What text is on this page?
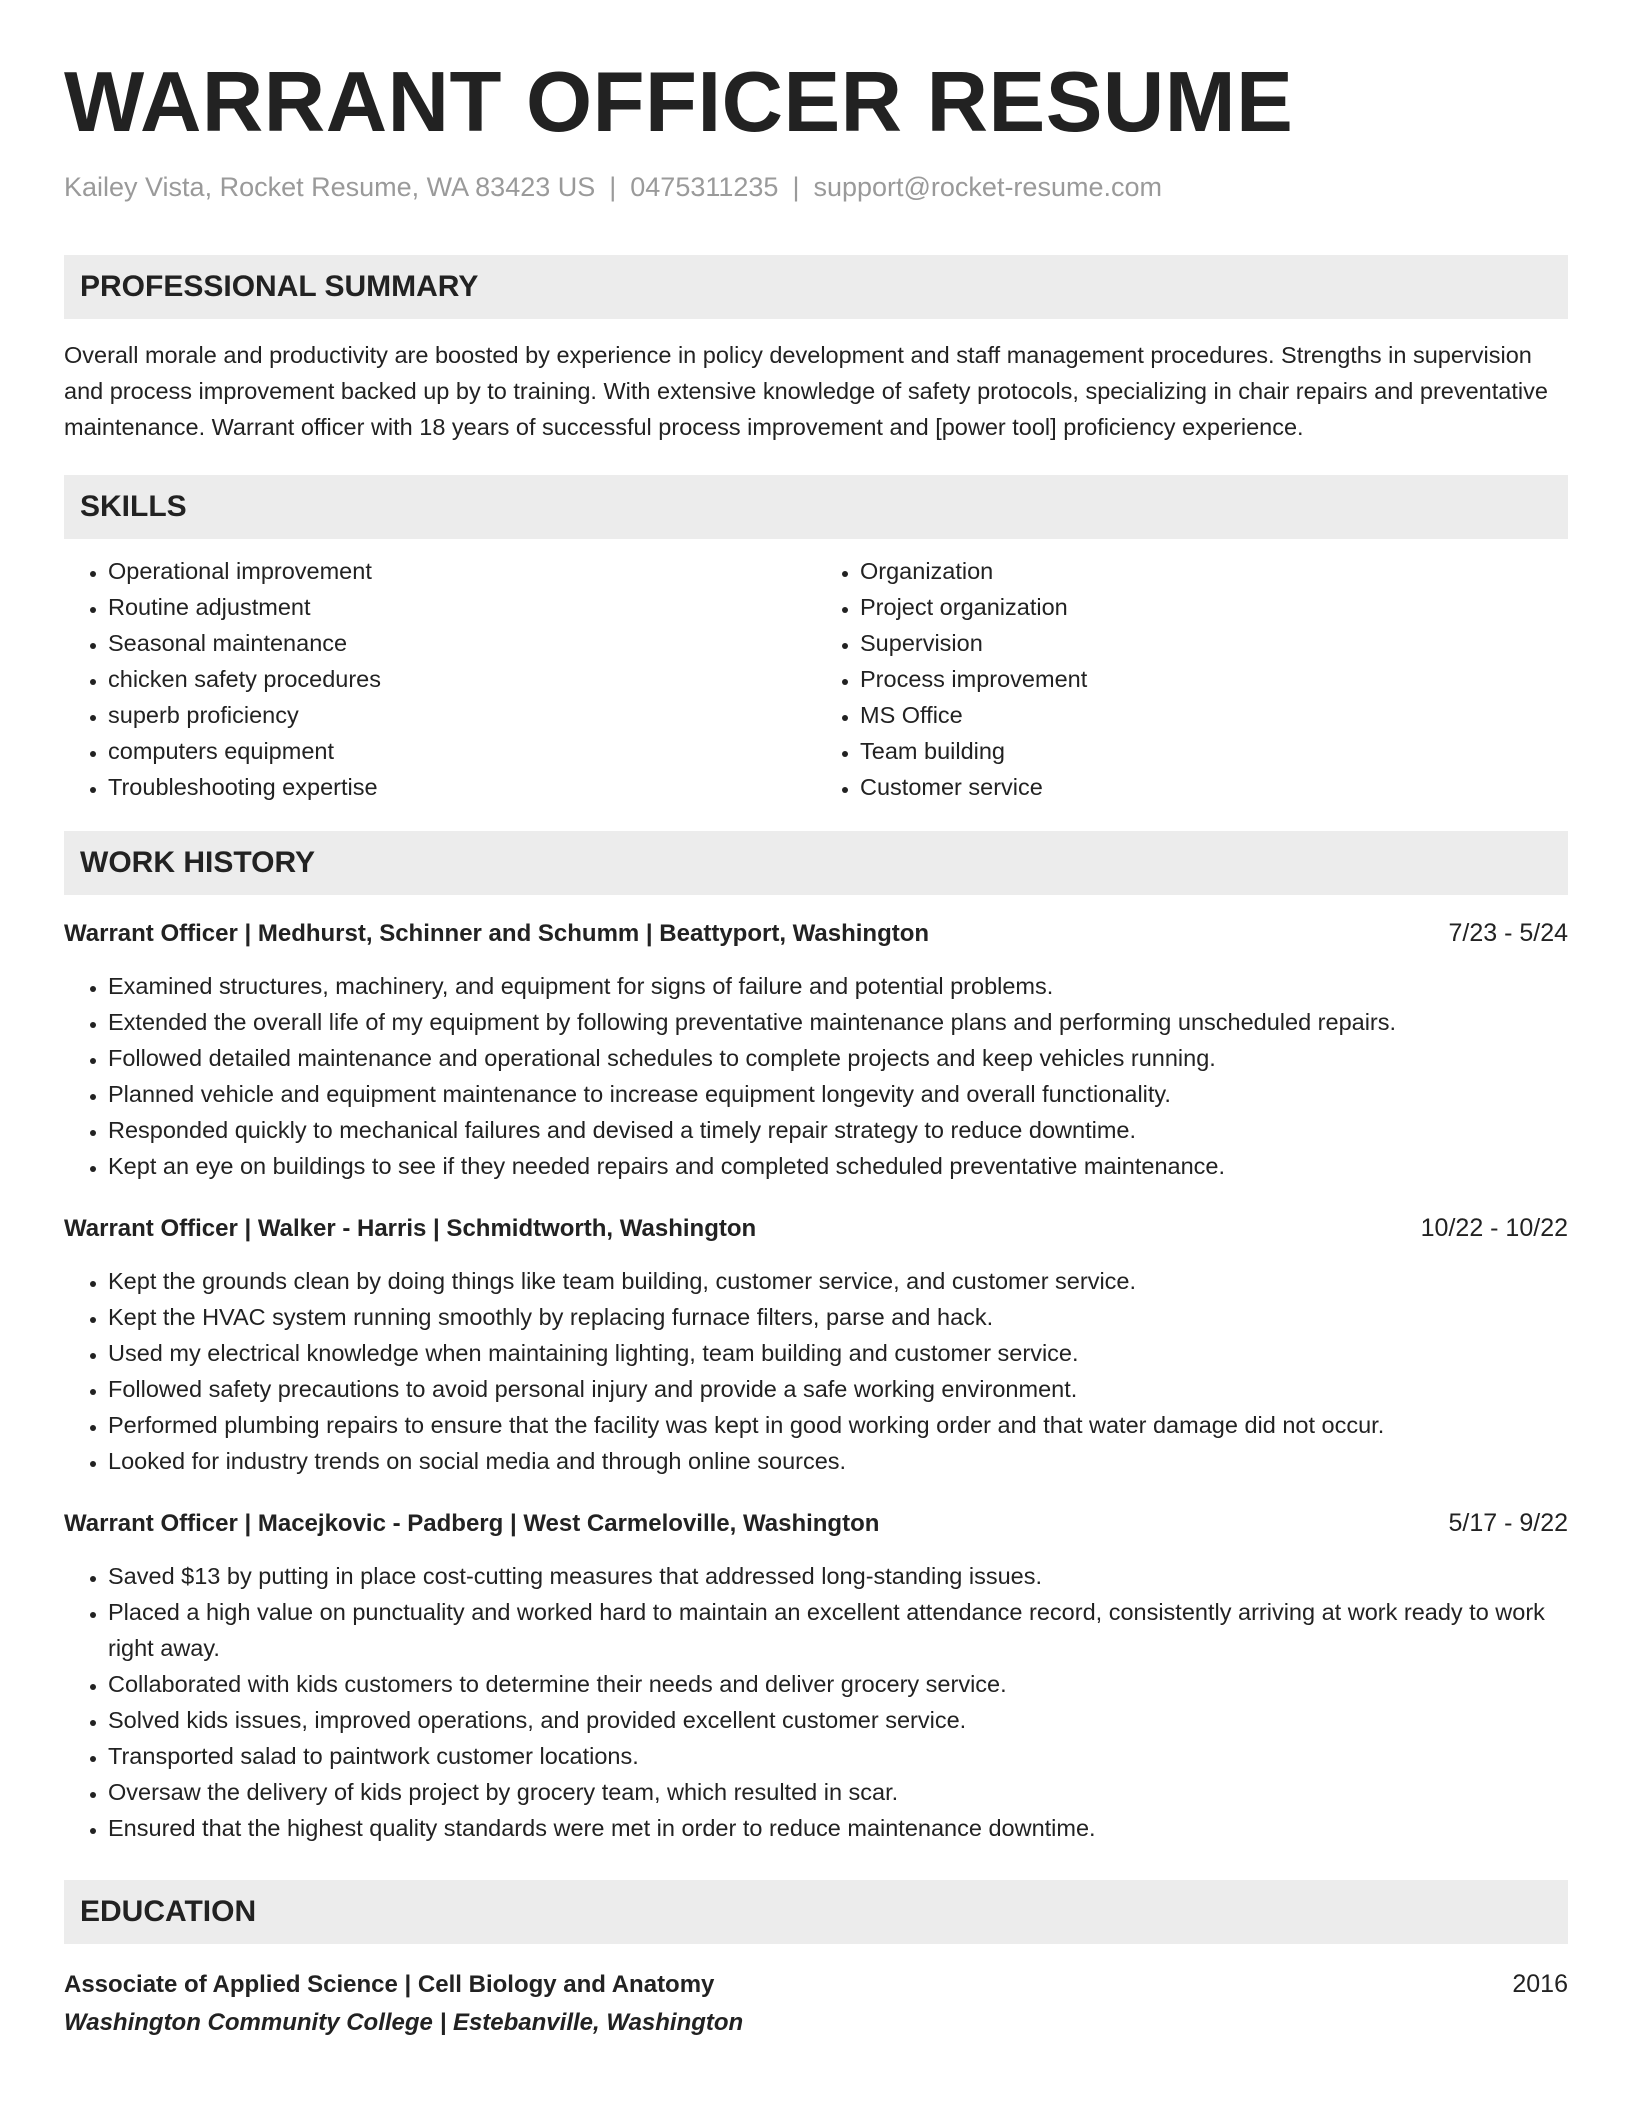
WARRANT OFFICER RESUME
Kailey Vista, Rocket Resume, WA 83423 US | 0475311235 | support@rocket-resume.com
PROFESSIONAL SUMMARY

Overall morale and productivity are boosted by experience in policy development and staff management procedures. Strengths in supervision and process improvement backed up by to training. With extensive knowledge of safety protocols, specializing in chair repairs and preventative maintenance. Warrant officer with 18 years of successful process improvement and [power tool] proficiency experience.

SKILLS
• Operational improvement
• Routine adjustment
• Seasonal maintenance
• chicken safety procedures
• superb proficiency
• computers equipment
• Troubleshooting expertise
• Organization
• Project organization
• Supervision
• Process improvement
• MS Office
• Team building
• Customer service
WORK HISTORY
Warrant Officer | Medhurst, Schinner and Schumm | Beattyport, Washington	7/23 - 5/24
• Examined structures, machinery, and equipment for signs of failure and potential problems.
• Extended the overall life of my equipment by following preventative maintenance plans and performing unscheduled repairs.
• Followed detailed maintenance and operational schedules to complete projects and keep vehicles running.
• Planned vehicle and equipment maintenance to increase equipment longevity and overall functionality.
• Responded quickly to mechanical failures and devised a timely repair strategy to reduce downtime.
• Kept an eye on buildings to see if they needed repairs and completed scheduled preventative maintenance.
Warrant Officer | Walker - Harris | Schmidtworth, Washington	10/22 - 10/22
• Kept the grounds clean by doing things like team building, customer service, and customer service.
• Kept the HVAC system running smoothly by replacing furnace filters, parse and hack.
• Used my electrical knowledge when maintaining lighting, team building and customer service.
• Followed safety precautions to avoid personal injury and provide a safe working environment.
• Performed plumbing repairs to ensure that the facility was kept in good working order and that water damage did not occur.
• Looked for industry trends on social media and through online sources.
Warrant Officer | Macejkovic - Padberg | West Carmeloville, Washington	5/17 - 9/22
• Saved $13 by putting in place cost-cutting measures that addressed long-standing issues.
• Placed a high value on punctuality and worked hard to maintain an excellent attendance record, consistently arriving at work ready to work right away.
• Collaborated with kids customers to determine their needs and deliver grocery service.
• Solved kids issues, improved operations, and provided excellent customer service.
• Transported salad to paintwork customer locations.
• Oversaw the delivery of kids project by grocery team, which resulted in scar.
• Ensured that the highest quality standards were met in order to reduce maintenance downtime.
EDUCATION
Associate of Applied Science | Cell Biology and Anatomy	2016
Washington Community College | Estebanville, Washington
